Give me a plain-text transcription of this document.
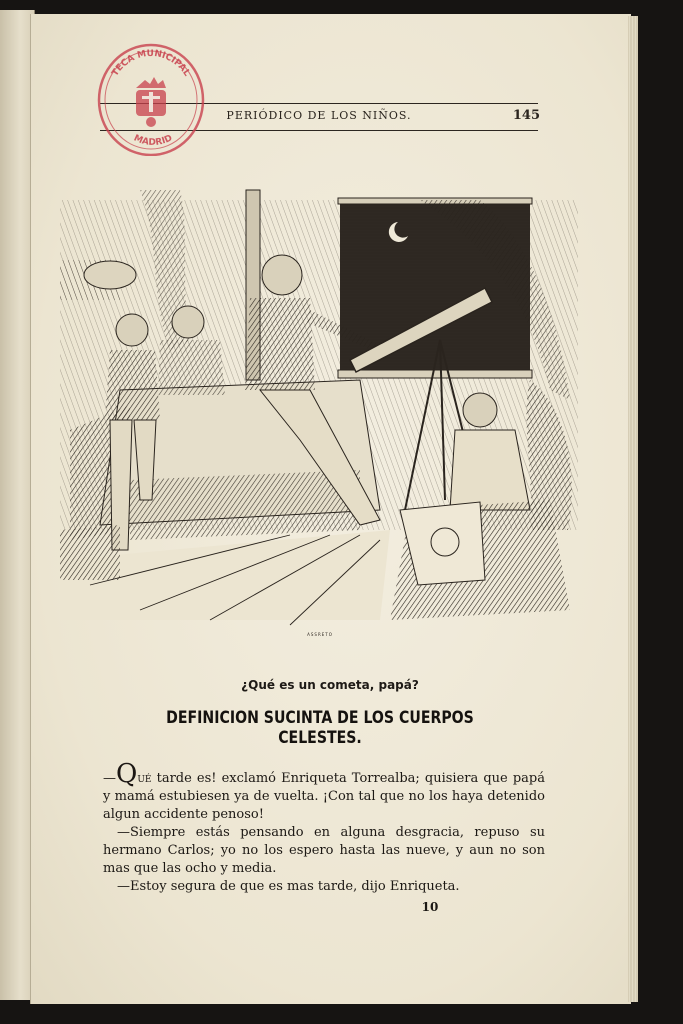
PERIÓDICO DE LOS NIÑOS.	145
TECA MUNICIPAL
MADRID
ASSRETO
¿Qué es un cometa, papá?
DEFINICION SUCINTA DE LOS CUERPOS CELESTES.

—Qué tarde es! exclamó Enriqueta Torrealba; quisiera que papá y mamá estubiesen ya de vuelta. ¡Con tal que no los haya detenido algun accidente penoso!

—Siempre estás pensando en alguna desgracia, repuso su hermano Carlos; yo no los espero hasta las nueve, y aun no son mas que las ocho y media.

—Estoy segura de que es mas tarde, dijo Enriqueta.

10
